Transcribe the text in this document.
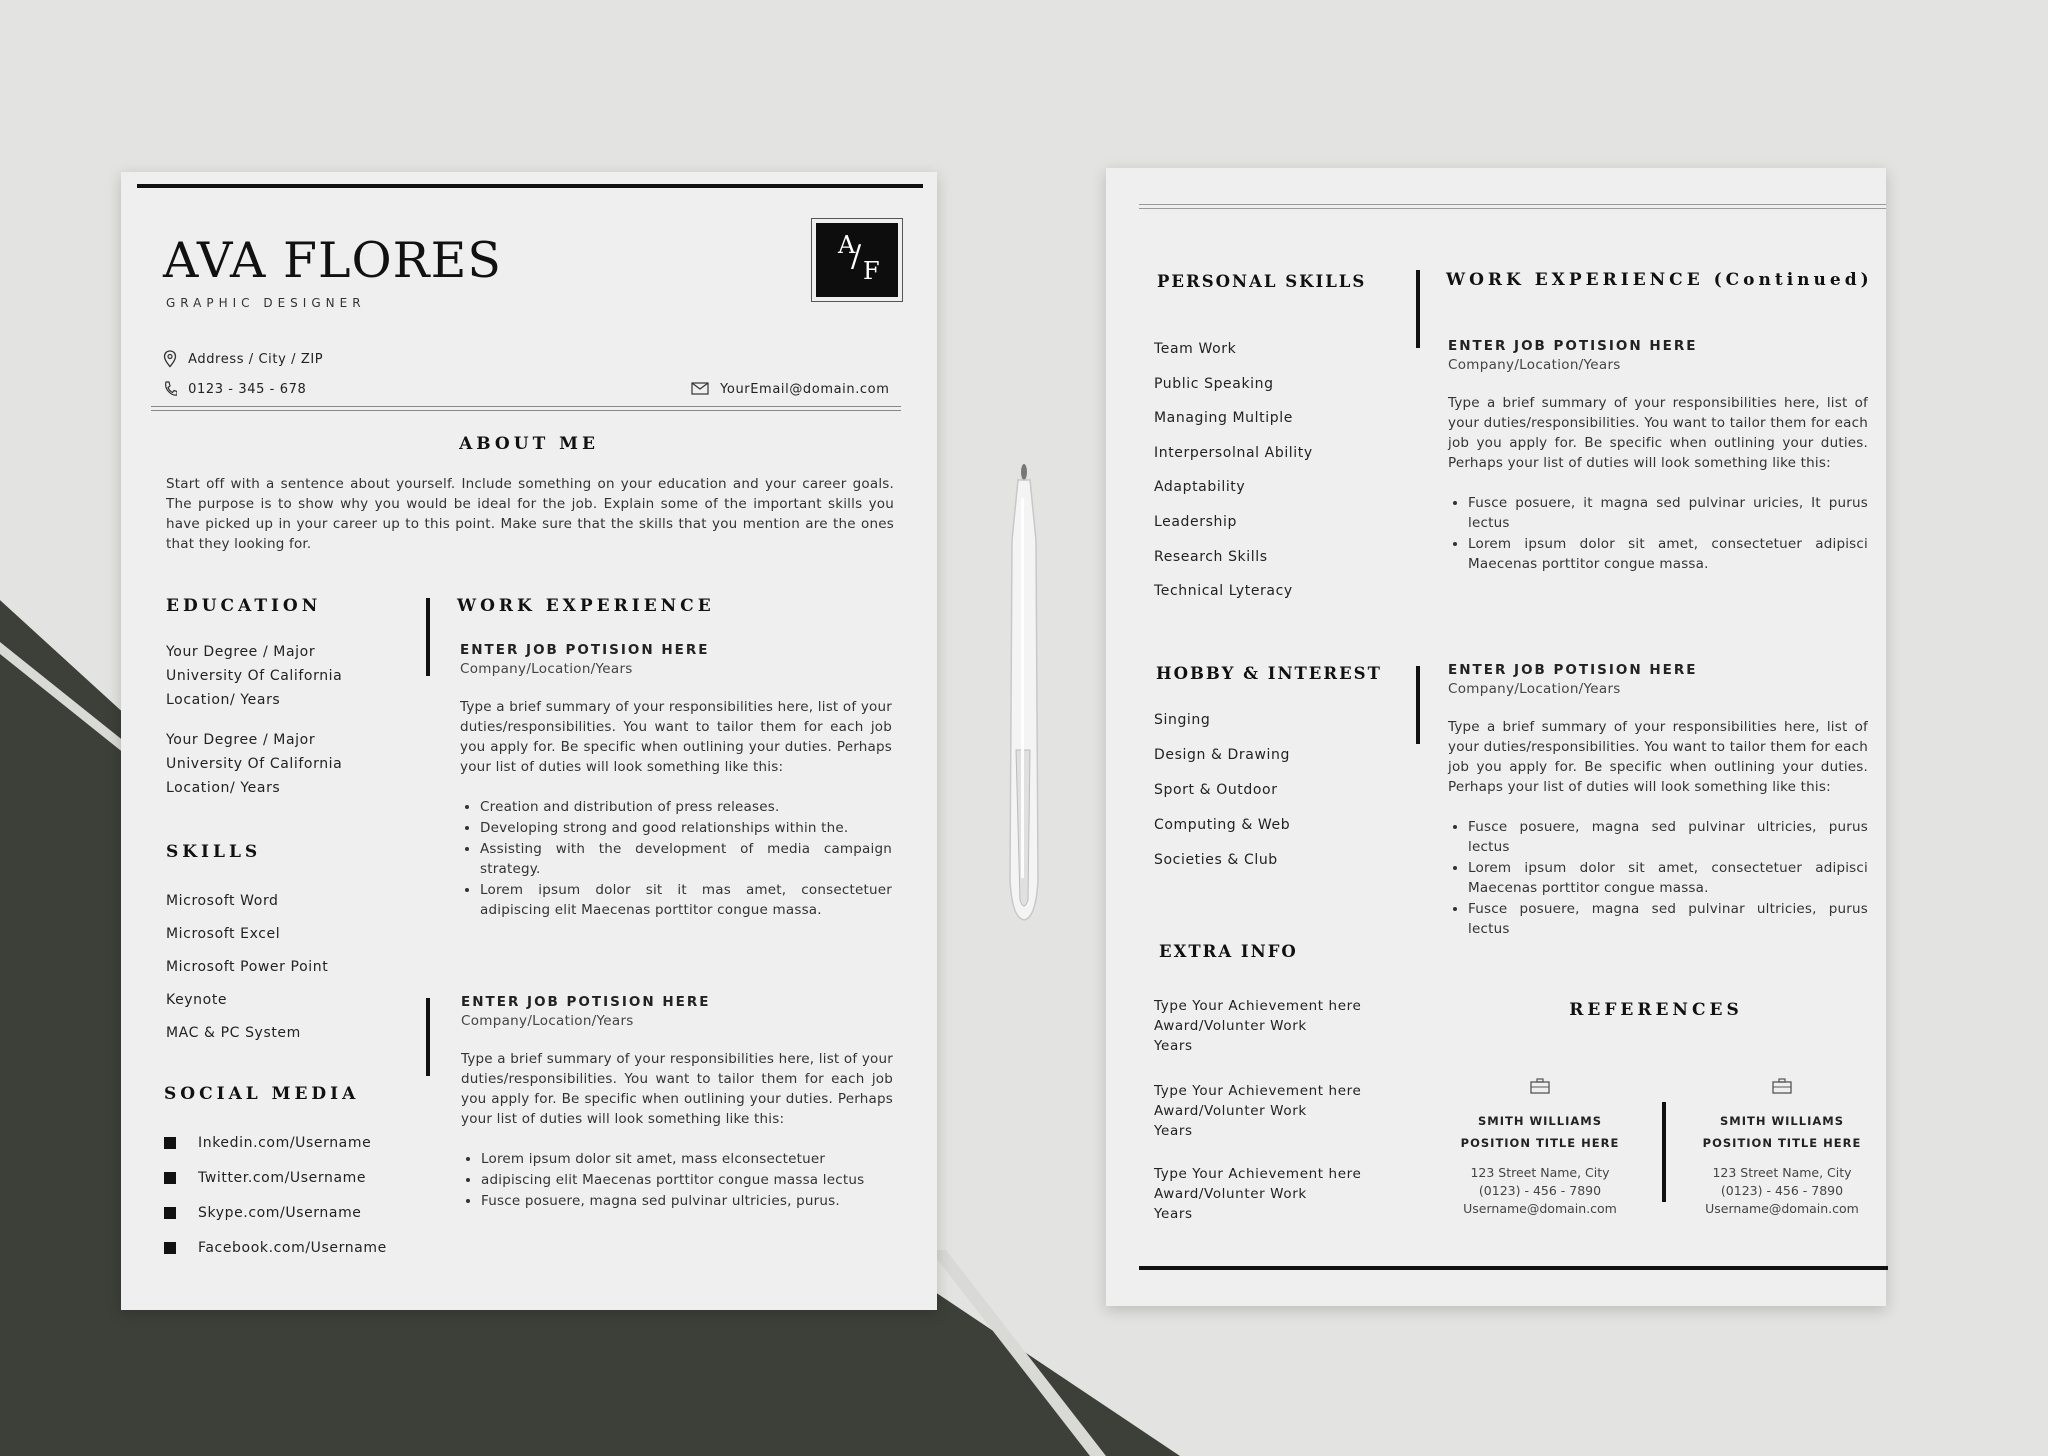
AVA FLORES
GRAPHIC DESIGNER
A
/ F
Address / City / ZIP
0123 - 345 - 678	YourEmail@domain.com
ABOUT ME
Start off with a sentence about yourself. Include something on your education and your career goals. The purpose is to show why you would be ideal for the job. Explain some of the important skills you have picked up in your career up to this point. Make sure that the skills that you mention are the ones that they looking for.
EDUCATION
Your Degree / Major
University Of California
Location/ Years
Your Degree / Major
University Of California
Location/ Years
SKILLS
Microsoft Word
Microsoft Excel
Microsoft Power Point
Keynote
MAC & PC System
SOCIAL MEDIA
Inkedin.com/Username
Twitter.com/Username
Skype.com/Username
Facebook.com/Username
WORK EXPERIENCE
ENTER JOB POTISION HERE
Company/Location/Years
Type a brief summary of your responsibilities here, list of your duties/responsibilities. You want to tailor them for each job you apply for. Be specific when outlining your duties. Perhaps your list of duties will look something like this:
• Creation and distribution of press releases.
• Developing strong and good relationships within the.
• Assisting with the development of media campaign strategy.
• Lorem ipsum dolor sit it mas amet, consectetuer adipiscing elit Maecenas porttitor congue massa.
ENTER JOB POTISION HERE
Company/Location/Years
Type a brief summary of your responsibilities here, list of your duties/responsibilities. You want to tailor them for each job you apply for. Be specific when outlining your duties. Perhaps your list of duties will look something like this:
• Lorem ipsum dolor sit amet, mass elconsectetuer
• adipiscing elit Maecenas porttitor congue massa lectus
• Fusce posuere, magna sed pulvinar ultricies, purus.
PERSONAL SKILLS
Team Work
Public Speaking
Managing Multiple
Interpersolnal Ability
Adaptability
Leadership
Research Skills
Technical Lyteracy
HOBBY & INTEREST
Singing
Design & Drawing
Sport & Outdoor
Computing & Web
Societies & Club
EXTRA INFO
Type Your Achievement here
Award/Volunter Work
Years
Type Your Achievement here
Award/Volunter Work
Years
Type Your Achievement here
Award/Volunter Work
Years
WORK EXPERIENCE (Continued)
ENTER JOB POTISION HERE
Company/Location/Years
Type a brief summary of your responsibilities here, list of your duties/responsibilities. You want to tailor them for each job you apply for. Be specific when outlining your duties. Perhaps your list of duties will look something like this:
• Fusce posuere, it magna sed pulvinar uricies, It purus lectus
• Lorem ipsum dolor sit amet, consectetuer adipisci Maecenas porttitor congue massa.
ENTER JOB POTISION HERE
Company/Location/Years
Type a brief summary of your responsibilities here, list of your duties/responsibilities. You want to tailor them for each job you apply for. Be specific when outlining your duties. Perhaps your list of duties will look something like this:
• Fusce posuere, magna sed pulvinar ultricies, purus lectus
• Lorem ipsum dolor sit amet, consectetuer adipisci Maecenas porttitor congue massa.
• Fusce posuere, magna sed pulvinar ultricies, purus lectus
REFERENCES
SMITH WILLIAMS
POSITION TITLE HERE
123 Street Name, City
(0123) - 456 - 7890
Username@domain.com
SMITH WILLIAMS
POSITION TITLE HERE
123 Street Name, City
(0123) - 456 - 7890
Username@domain.com
